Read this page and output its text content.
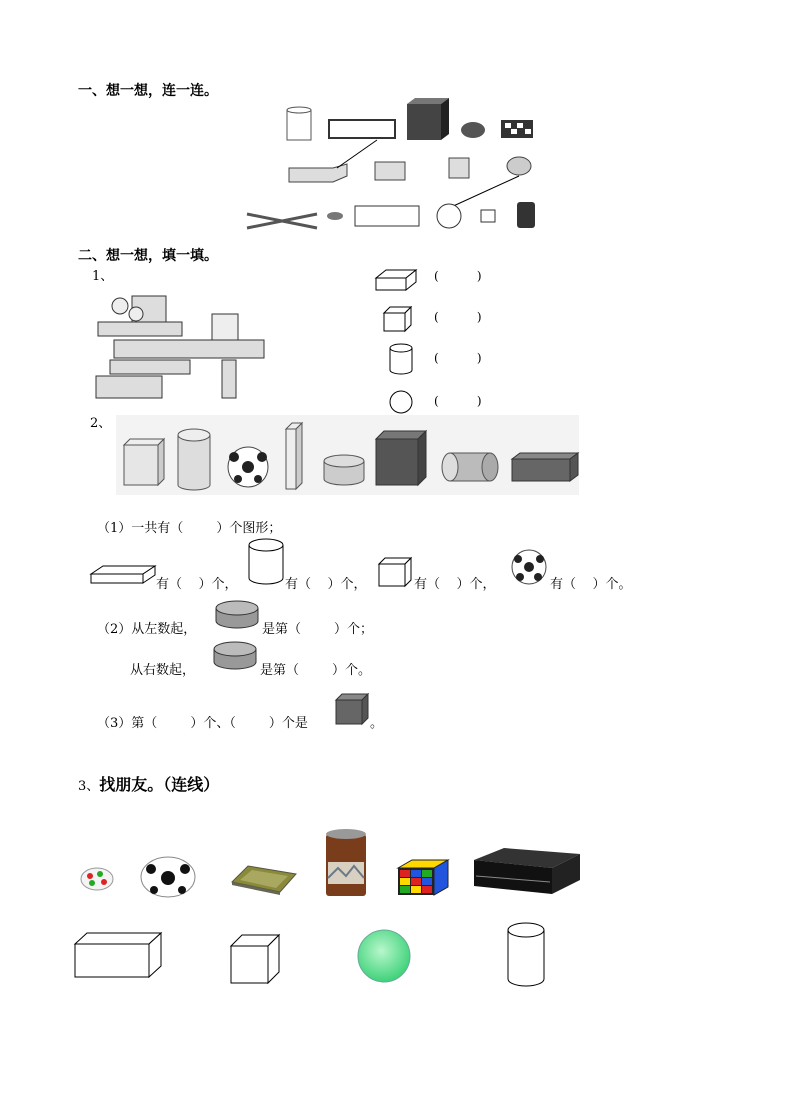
一、想一想，连一连。
二、想一想，填一填。
1、	(          )
(          )
(          )
(          )
2、
（1）一共有（        ）个图形；
有（    ）个，	有（    ）个，	有（    ）个，	有（    ）个。
（2）从左数起，	是第（        ）个；
从右数起，	是第（        ）个。
（3）第（        ）个、（        ）个是	。
3、找朋友。（连线）
